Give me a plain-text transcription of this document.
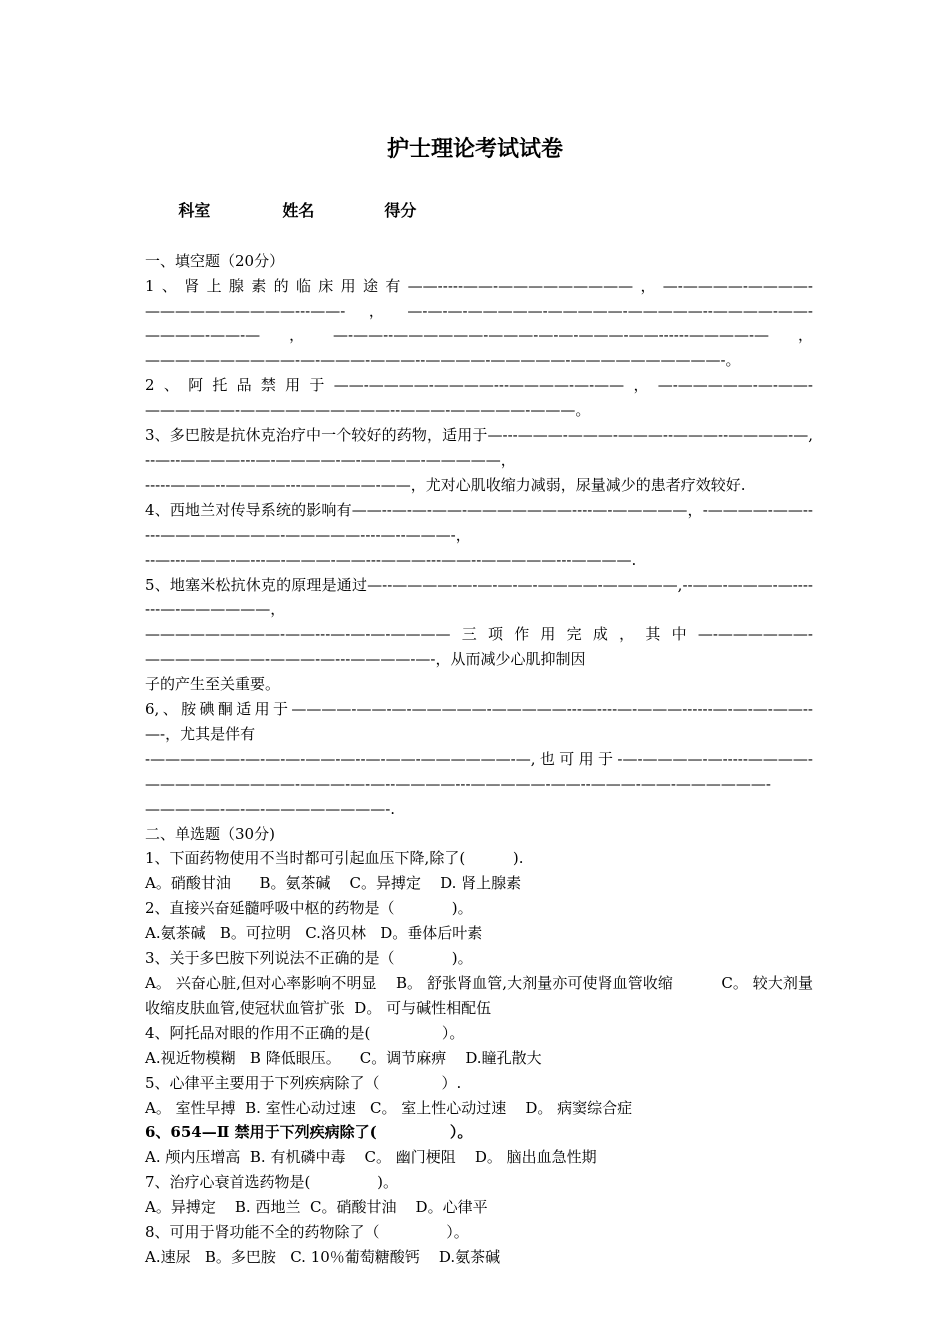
护士理论考试试卷

科室	姓名	得分

一、填空题（20分）

1、肾上腺素的临床用途有——-----——-—————————，—-————-————-——————————---——-，—-—-—-—————-—————-—————--————-——-————-——-—，—-——--——————-———-—-—-———-——------————-—，——————————-—-———-———--————-—————-——————————-。

2、阿托品禁用于——-————-————---————-—-——，—-—————-—-——-——————-——————————--———-—————-———。

3、多巴胺是抗休克治疗中一个较好的药物，适用于—---———-———-———--———--————-—,--—--————---—-————-—-————-—————，

-----———--————---—————-——，尤对心肌收缩力减弱，尿量减少的患者疗效较好.

4、西地兰对传导系统的影响有——--—-—-——-———————----—-—————，-————-——-----————————-—————----—--———-，

--—---———-—---—-———-——---———---——--—————---————.

5、地塞米松抗休克的原理是通过—--————-—-—-—-—-————-—————,--——-———-—-------—-——————，

—————————-——---—-—-—-————三项作用完成，其中—-——————-————————-———-—---————-—-，从而减少心肌抑制因

子的产生至关重要。

6,、胺碘酮适用于————-——-—-—————-—————---—----—-———------—-—-—-——--—-，尤其是伴有

-——————-—-—-—-——-—--—-——-——————-—,也可用于-—-————-—-----————-——————————-———-—-—--————---—————-——--———-——-——————-—————-—-—-————————-.

二、单选题（30分)

1、下面药物使用不当时都可引起血压下降,除了(          ).

A。硝酸甘油      B。氨茶碱    C。异搏定    D. 肾上腺素

2、直接兴奋延髓呼吸中枢的药物是（            )。

A.氨茶碱   B。可拉明   C.洛贝林   D。垂体后叶素

3、关于多巴胺下列说法不正确的是（            )。

A。 兴奋心脏,但对心率影响不明显    B。 舒张肾血管,大剂量亦可使肾血管收缩          C。 较大剂量收缩皮肤血管,使冠状血管扩张  D。 可与碱性相配伍

4、阿托品对眼的作用不正确的是(               ）。

A.视近物模糊   B 降低眼压。    C。调节麻痹    D.瞳孔散大

5、心律平主要用于下列疾病除了（             ）.

A。 室性早搏  B. 室性心动过速   C。 室上性心动过速    D。 病窦综合症

6、654—Ⅱ 禁用于下列疾病除了(              ）。

A. 颅内压增高  B. 有机磷中毒    C。 幽门梗阻    D。 脑出血急性期

7、治疗心衰首选药物是(              )。

A。异搏定    B. 西地兰  C。硝酸甘油    D。心律平

8、可用于肾功能不全的药物除了（              ）。

A.速尿   B。多巴胺   C. 10％葡萄糖酸钙    D.氨茶碱
